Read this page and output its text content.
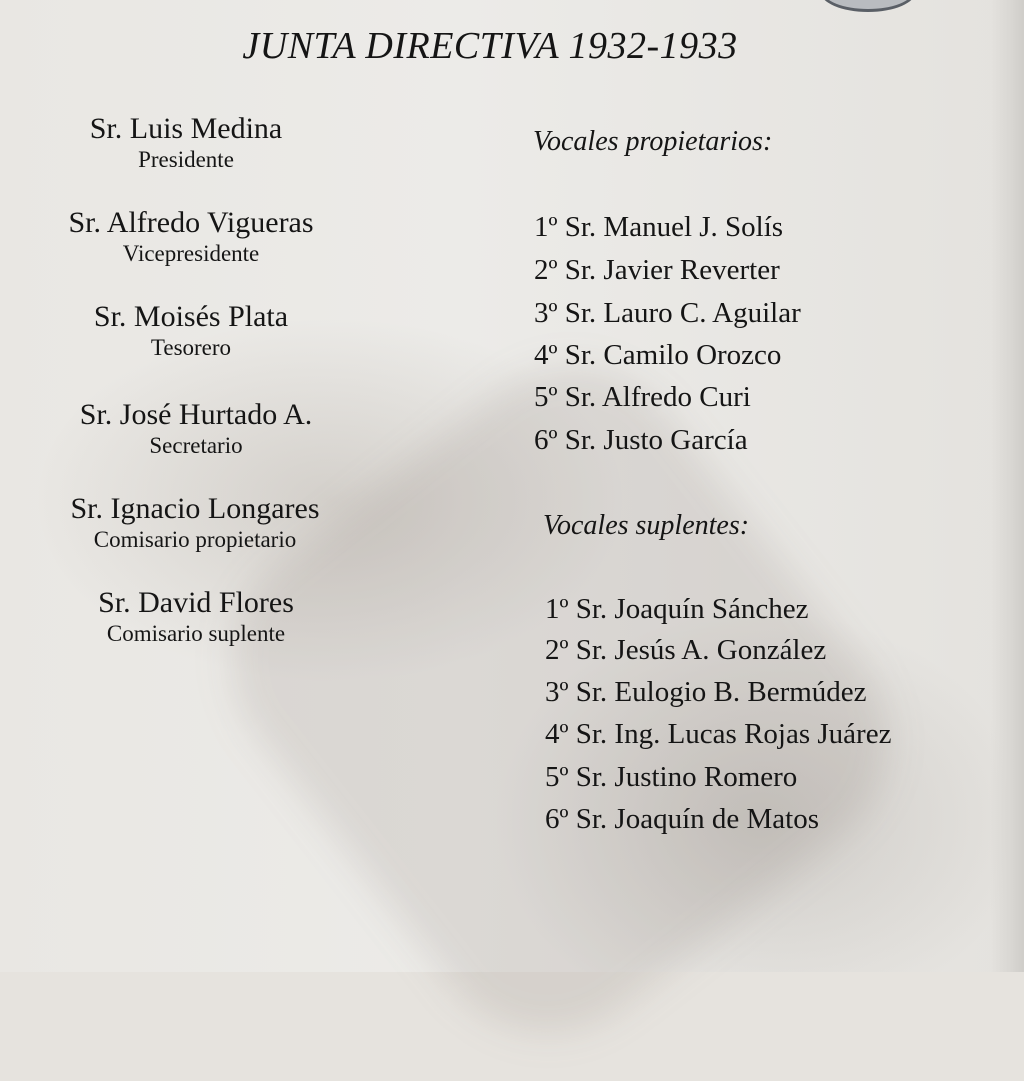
JUNTA DIRECTIVA 1932-1933
Sr. Luis Medina
Presidente
Sr. Alfredo Vigueras
Vicepresidente
Sr. Moisés Plata
Tesorero
Sr. José Hurtado A.
Secretario
Sr. Ignacio Longares
Comisario propietario
Sr. David Flores
Comisario suplente
Vocales propietarios:
1º Sr. Manuel J. Solís
2º Sr. Javier Reverter
3º Sr. Lauro C. Aguilar
4º Sr. Camilo Orozco
5º Sr. Alfredo Curi
6º Sr. Justo García
Vocales suplentes:
1º Sr. Joaquín Sánchez
2º Sr. Jesús A. González
3º Sr. Eulogio B. Bermúdez
4º Sr. Ing. Lucas Rojas Juárez
5º Sr. Justino Romero
6º Sr. Joaquín de Matos
